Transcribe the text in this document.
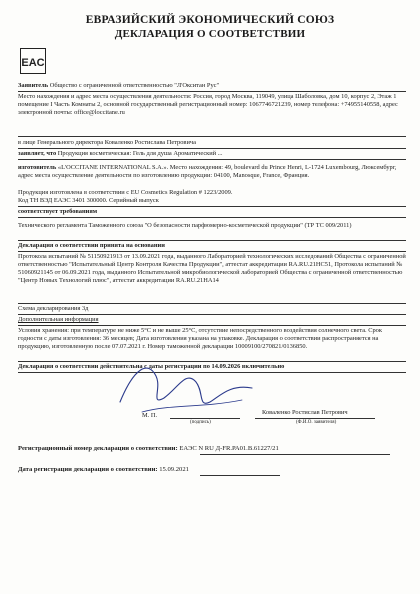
ЕВРАЗИЙСКИЙ ЭКОНОМИЧЕСКИЙ СОЮЗ
ДЕКЛАРАЦИЯ О СООТВЕТСТВИИ
EAC
Заявитель Общество с ограниченной ответственностью "Л'Окситан Рус"
Место нахождения и адрес места осуществления деятельности: Россия, город Москва, 119049, улица Шаболовка, дом 10, корпус 2, Этаж 1 помещение I Часть Комнаты 2, основной государственный регистрационный номер: 1067746721239, номер телефона: +74955140558, адрес электронной почты: office@loccitane.ru
в лице Генерального директора Коваленко Ростислава Петровича
заявляет, что Продукция косметическая: Гель для душа Ароматический ...
изготовитель «L'OCCITANE INTERNATIONAL S.A.». Место нахождения: 49, boulevard du Prince Henri, L-1724 Luxembourg, Люксембург, адрес места осуществление деятельности по изготовлению продукции: 04100, Manosque, France, Франция.
Продукция изготовлена в соответствии с EU Cosmetics Regulation # 1223/2009.
Код ТН ВЭД ЕАЭС 3401 300000. Серийный выпуск
соответствует требованиям
Технического регламента Таможенного союза "О безопасности парфюмерно-косметической продукции" (ТР ТС 009/2011)
Декларация о соответствии принята на основании
Протокола испытаний № 51150921913 от 13.09.2021 года, выданного Лабораторией технологических исследований Общества с ограниченной ответственностью "Испытательный Центр Контроля Качества Продукции", аттестат аккредитации RA.RU.21HC51, Протокола испытаний № 51060921145 от 06.09.2021 года, выданного Испытательной микробиологической лабораторией Общества с ограниченной ответственностью "Центр Новых Технологий плюс", аттестат аккредитации RA.RU.21HA14
Схема декларирования 3д
Дополнительная информация
Условия хранения: при температуре не ниже 5°С и не выше 25°С, отсутствие непосредственного воздействия солнечного света. Срок годности с даты изготовления: 36 месяцев; Дата изготовления указана на упаковке. Декларация о соответствии распространяется на продукцию, изготовленную после 07.07.2021 г. Номер таможенной декларации 10009100/270821/0136850.
Декларация о соответствии действительна с даты регистрации по 14.09.2026 включительно
М. П.
(подпись)
Коваленко Ростислав Петрович
(Ф.И.О. заявителя)
Регистрационный номер декларации о соответствии: ЕАЭС N RU Д-FR.РА01.В.61227/21
Дата регистрации декларации о соответствии: 15.09.2021
